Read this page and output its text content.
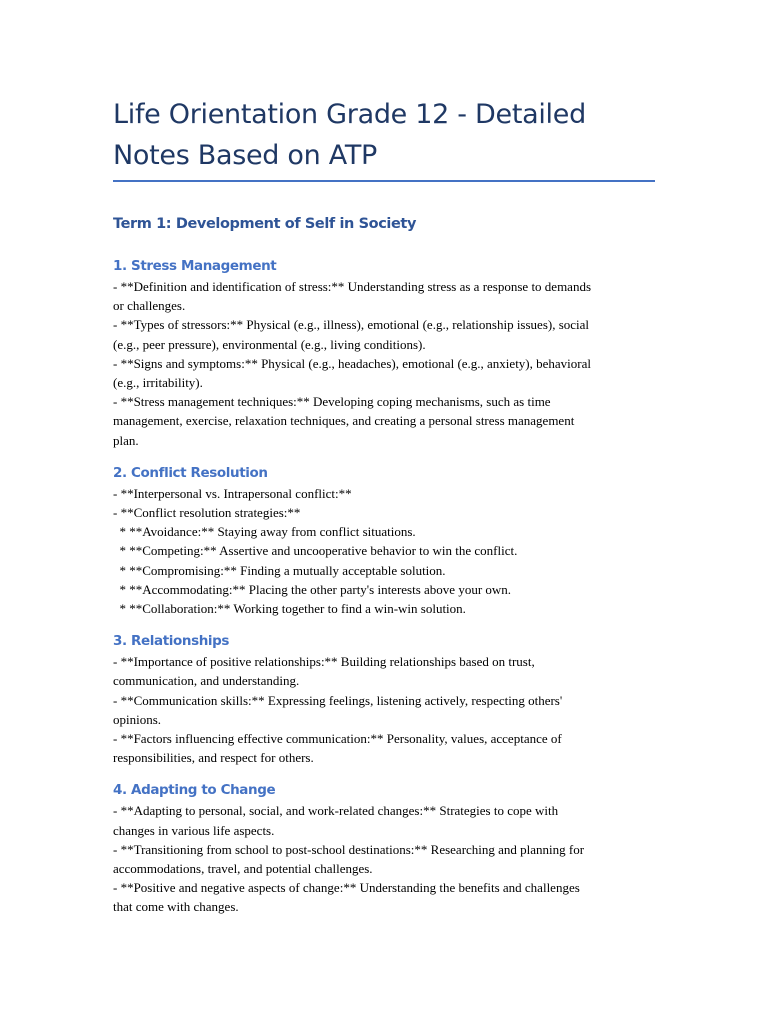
Life Orientation Grade 12 - Detailed
Notes Based on ATP
Term 1: Development of Self in Society
1. Stress Management

- **Definition and identification of stress:** Understanding stress as a response to demands

or challenges.

- **Types of stressors:** Physical (e.g., illness), emotional (e.g., relationship issues), social

(e.g., peer pressure), environmental (e.g., living conditions).

- **Signs and symptoms:** Physical (e.g., headaches), emotional (e.g., anxiety), behavioral

(e.g., irritability).

- **Stress management techniques:** Developing coping mechanisms, such as time

management, exercise, relaxation techniques, and creating a personal stress management

plan.

2. Conflict Resolution

- **Interpersonal vs. Intrapersonal conflict:**

- **Conflict resolution strategies:**

* **Avoidance:** Staying away from conflict situations.

* **Competing:** Assertive and uncooperative behavior to win the conflict.

* **Compromising:** Finding a mutually acceptable solution.

* **Accommodating:** Placing the other party's interests above your own.

* **Collaboration:** Working together to find a win-win solution.

3. Relationships

- **Importance of positive relationships:** Building relationships based on trust,

communication, and understanding.

- **Communication skills:** Expressing feelings, listening actively, respecting others'

opinions.

- **Factors influencing effective communication:** Personality, values, acceptance of

responsibilities, and respect for others.

4. Adapting to Change

- **Adapting to personal, social, and work-related changes:** Strategies to cope with

changes in various life aspects.

- **Transitioning from school to post-school destinations:** Researching and planning for

accommodations, travel, and potential challenges.

- **Positive and negative aspects of change:** Understanding the benefits and challenges

that come with changes.
